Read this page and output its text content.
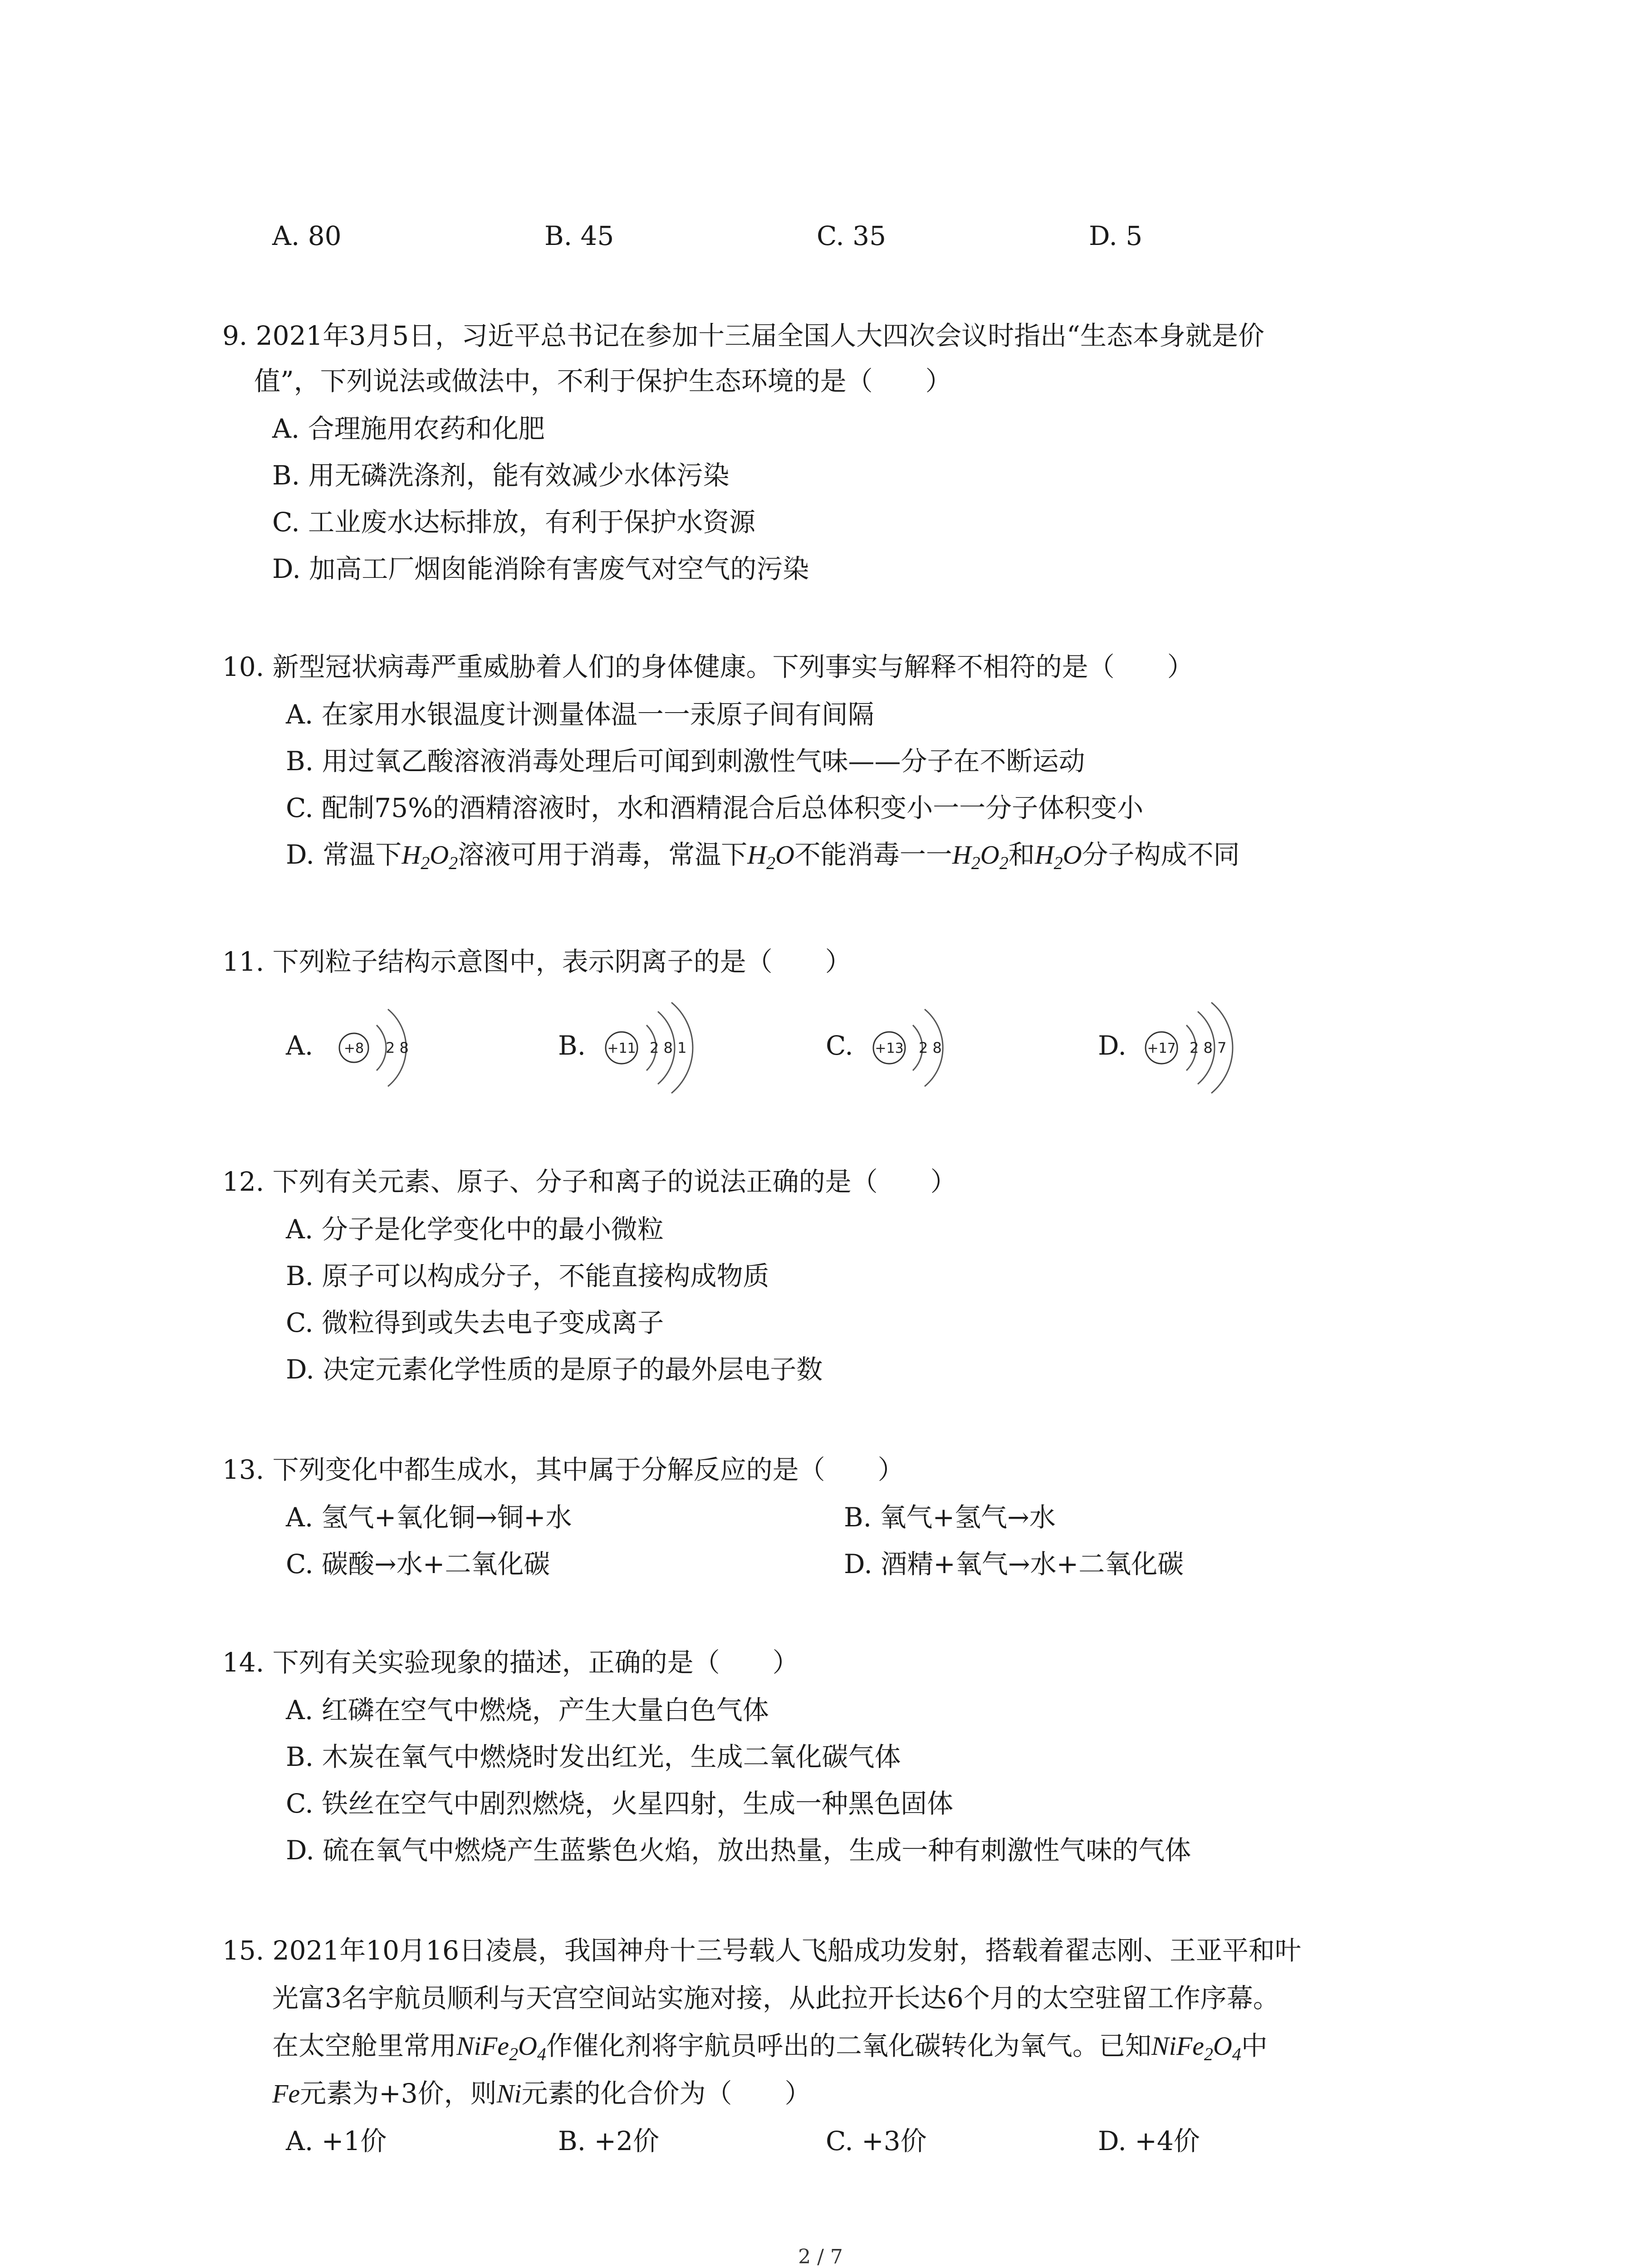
A. 80	B. 45	C. 35	D. 5
9. 2021年3月5日，习近平总书记在参加十三届全国人大四次会议时指出“生态本身就是价
值”，下列说法或做法中，不利于保护生态环境的是（　　）
A. 合理施用农药和化肥
B. 用无磷洗涤剂，能有效减少水体污染
C. 工业废水达标排放，有利于保护水资源
D. 加高工厂烟囱能消除有害废气对空气的污染
10. 新型冠状病毒严重威胁着人们的身体健康。下列事实与解释不相符的是（　　）
A. 在家用水银温度计测量体温一一汞原子间有间隔
B. 用过氧乙酸溶液消毒处理后可闻到刺激性气味——分子在不断运动
C. 配制75%的酒精溶液时，水和酒精混合后总体积变小一一分子体积变小
D. 常温下$H_2O_2$溶液可用于消毒，常温下$H_2O$不能消毒一一$H_2O_2$和$H_2O$分子构成不同
11. 下列粒子结构示意图中，表示阴离子的是（　　）
A. +8 2 8	B. +11 2 8 1	C. +13 2 8	D. +17 2 8 7
12. 下列有关元素、原子、分子和离子的说法正确的是（　　）
A. 分子是化学变化中的最小微粒
B. 原子可以构成分子，不能直接构成物质
C. 微粒得到或失去电子变成离子
D. 决定元素化学性质的是原子的最外层电子数
13. 下列变化中都生成水，其中属于分解反应的是（　　）
A. 氢气+氧化铜→铜+水	B. 氧气+氢气→水
C. 碳酸→水+二氧化碳	D. 酒精+氧气→水+二氧化碳
14. 下列有关实验现象的描述，正确的是（　　）
A. 红磷在空气中燃烧，产生大量白色气体
B. 木炭在氧气中燃烧时发出红光，生成二氧化碳气体
C. 铁丝在空气中剧烈燃烧，火星四射，生成一种黑色固体
D. 硫在氧气中燃烧产生蓝紫色火焰，放出热量，生成一种有刺激性气味的气体
15. 2021年10月16日凌晨，我国神舟十三号载人飞船成功发射，搭载着翟志刚、王亚平和叶
光富3名宇航员顺利与天宫空间站实施对接，从此拉开长达6个月的太空驻留工作序幕。
在太空舱里常用$NiFe_2O_4$作催化剂将宇航员呼出的二氧化碳转化为氧气。已知$NiFe_2O_4$中
Fe元素为+3价，则Ni元素的化合价为（　　）
A. +1价	B. +2价	C. +3价	D. +4价
2 / 7
